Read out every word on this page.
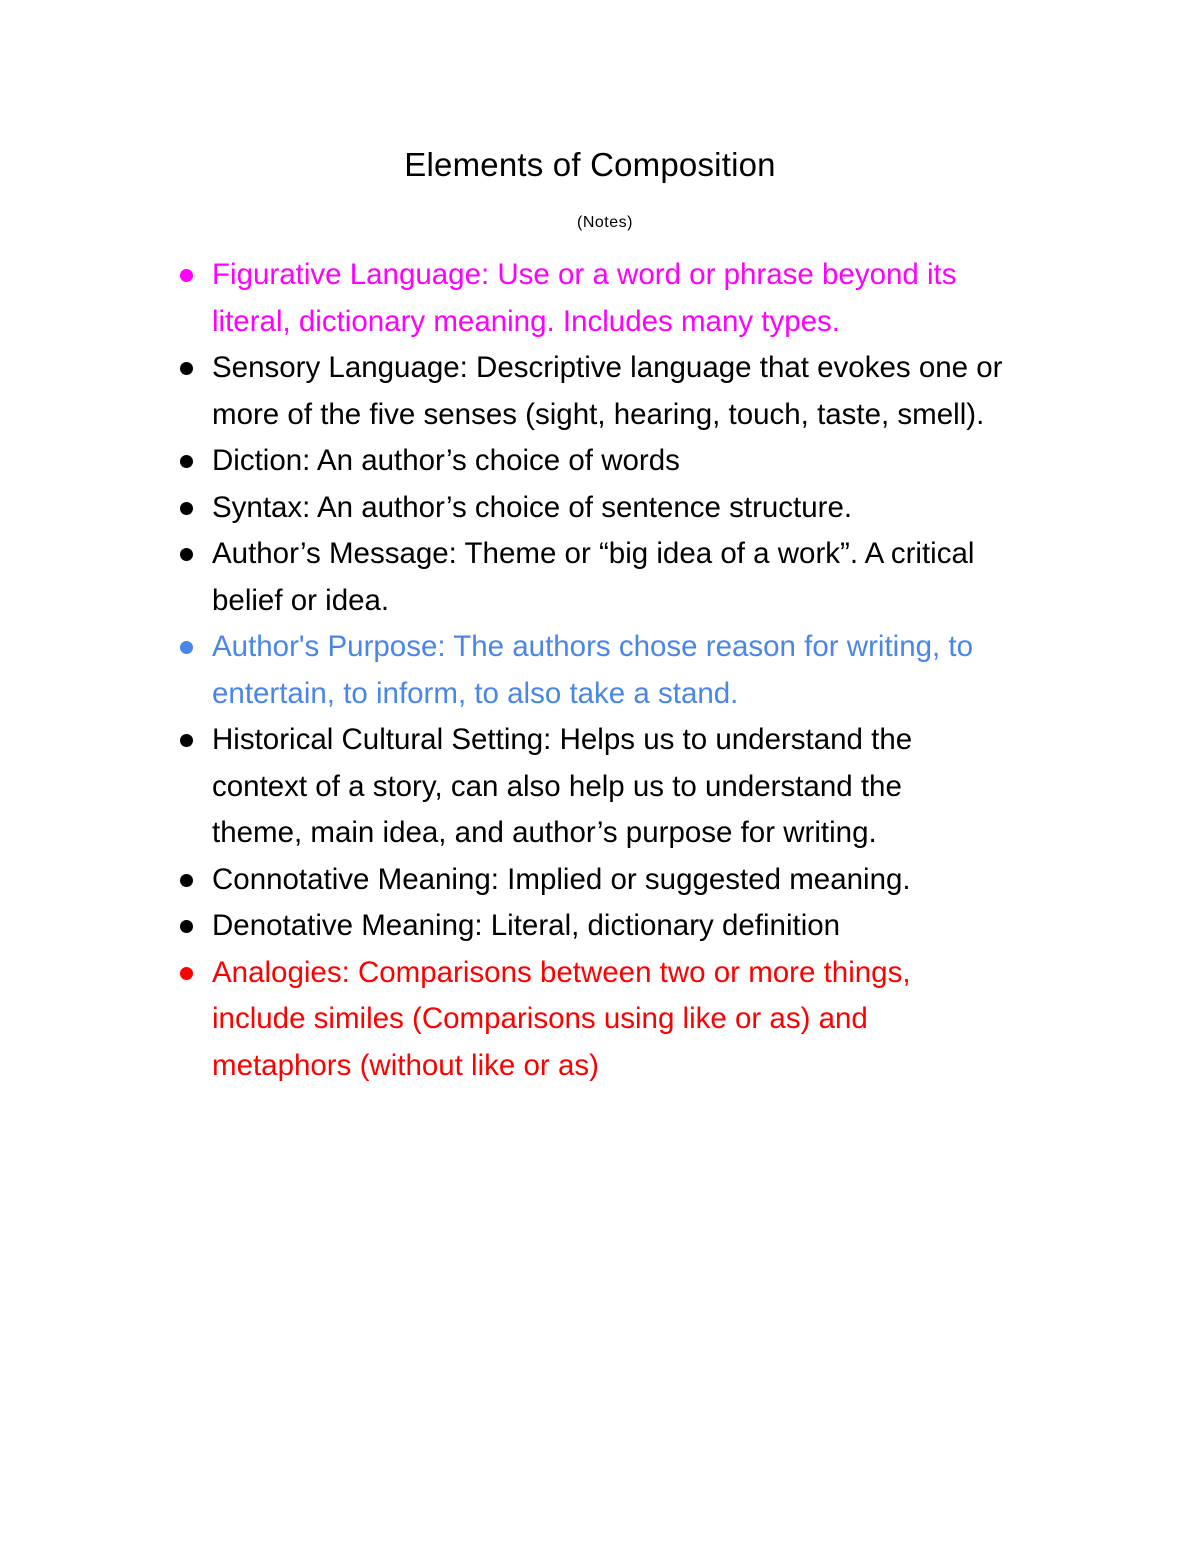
Elements of Composition
(Notes)
Figurative Language: Use or a word or phrase beyond its
literal, dictionary meaning. Includes many types.
Sensory Language: Descriptive language that evokes one or
more of the five senses (sight, hearing, touch, taste, smell).
Diction: An author’s choice of words
Syntax: An author’s choice of sentence structure.
Author’s Message: Theme or “big idea of a work”. A critical
belief or idea.
Author's Purpose: The authors chose reason for writing, to
entertain, to inform, to also take a stand.
Historical Cultural Setting: Helps us to understand the
context of a story, can also help us to understand the
theme, main idea, and author’s purpose for writing.
Connotative Meaning: Implied or suggested meaning.
Denotative Meaning: Literal, dictionary definition
Analogies: Comparisons between two or more things,
include similes (Comparisons using like or as) and
metaphors (without like or as)
